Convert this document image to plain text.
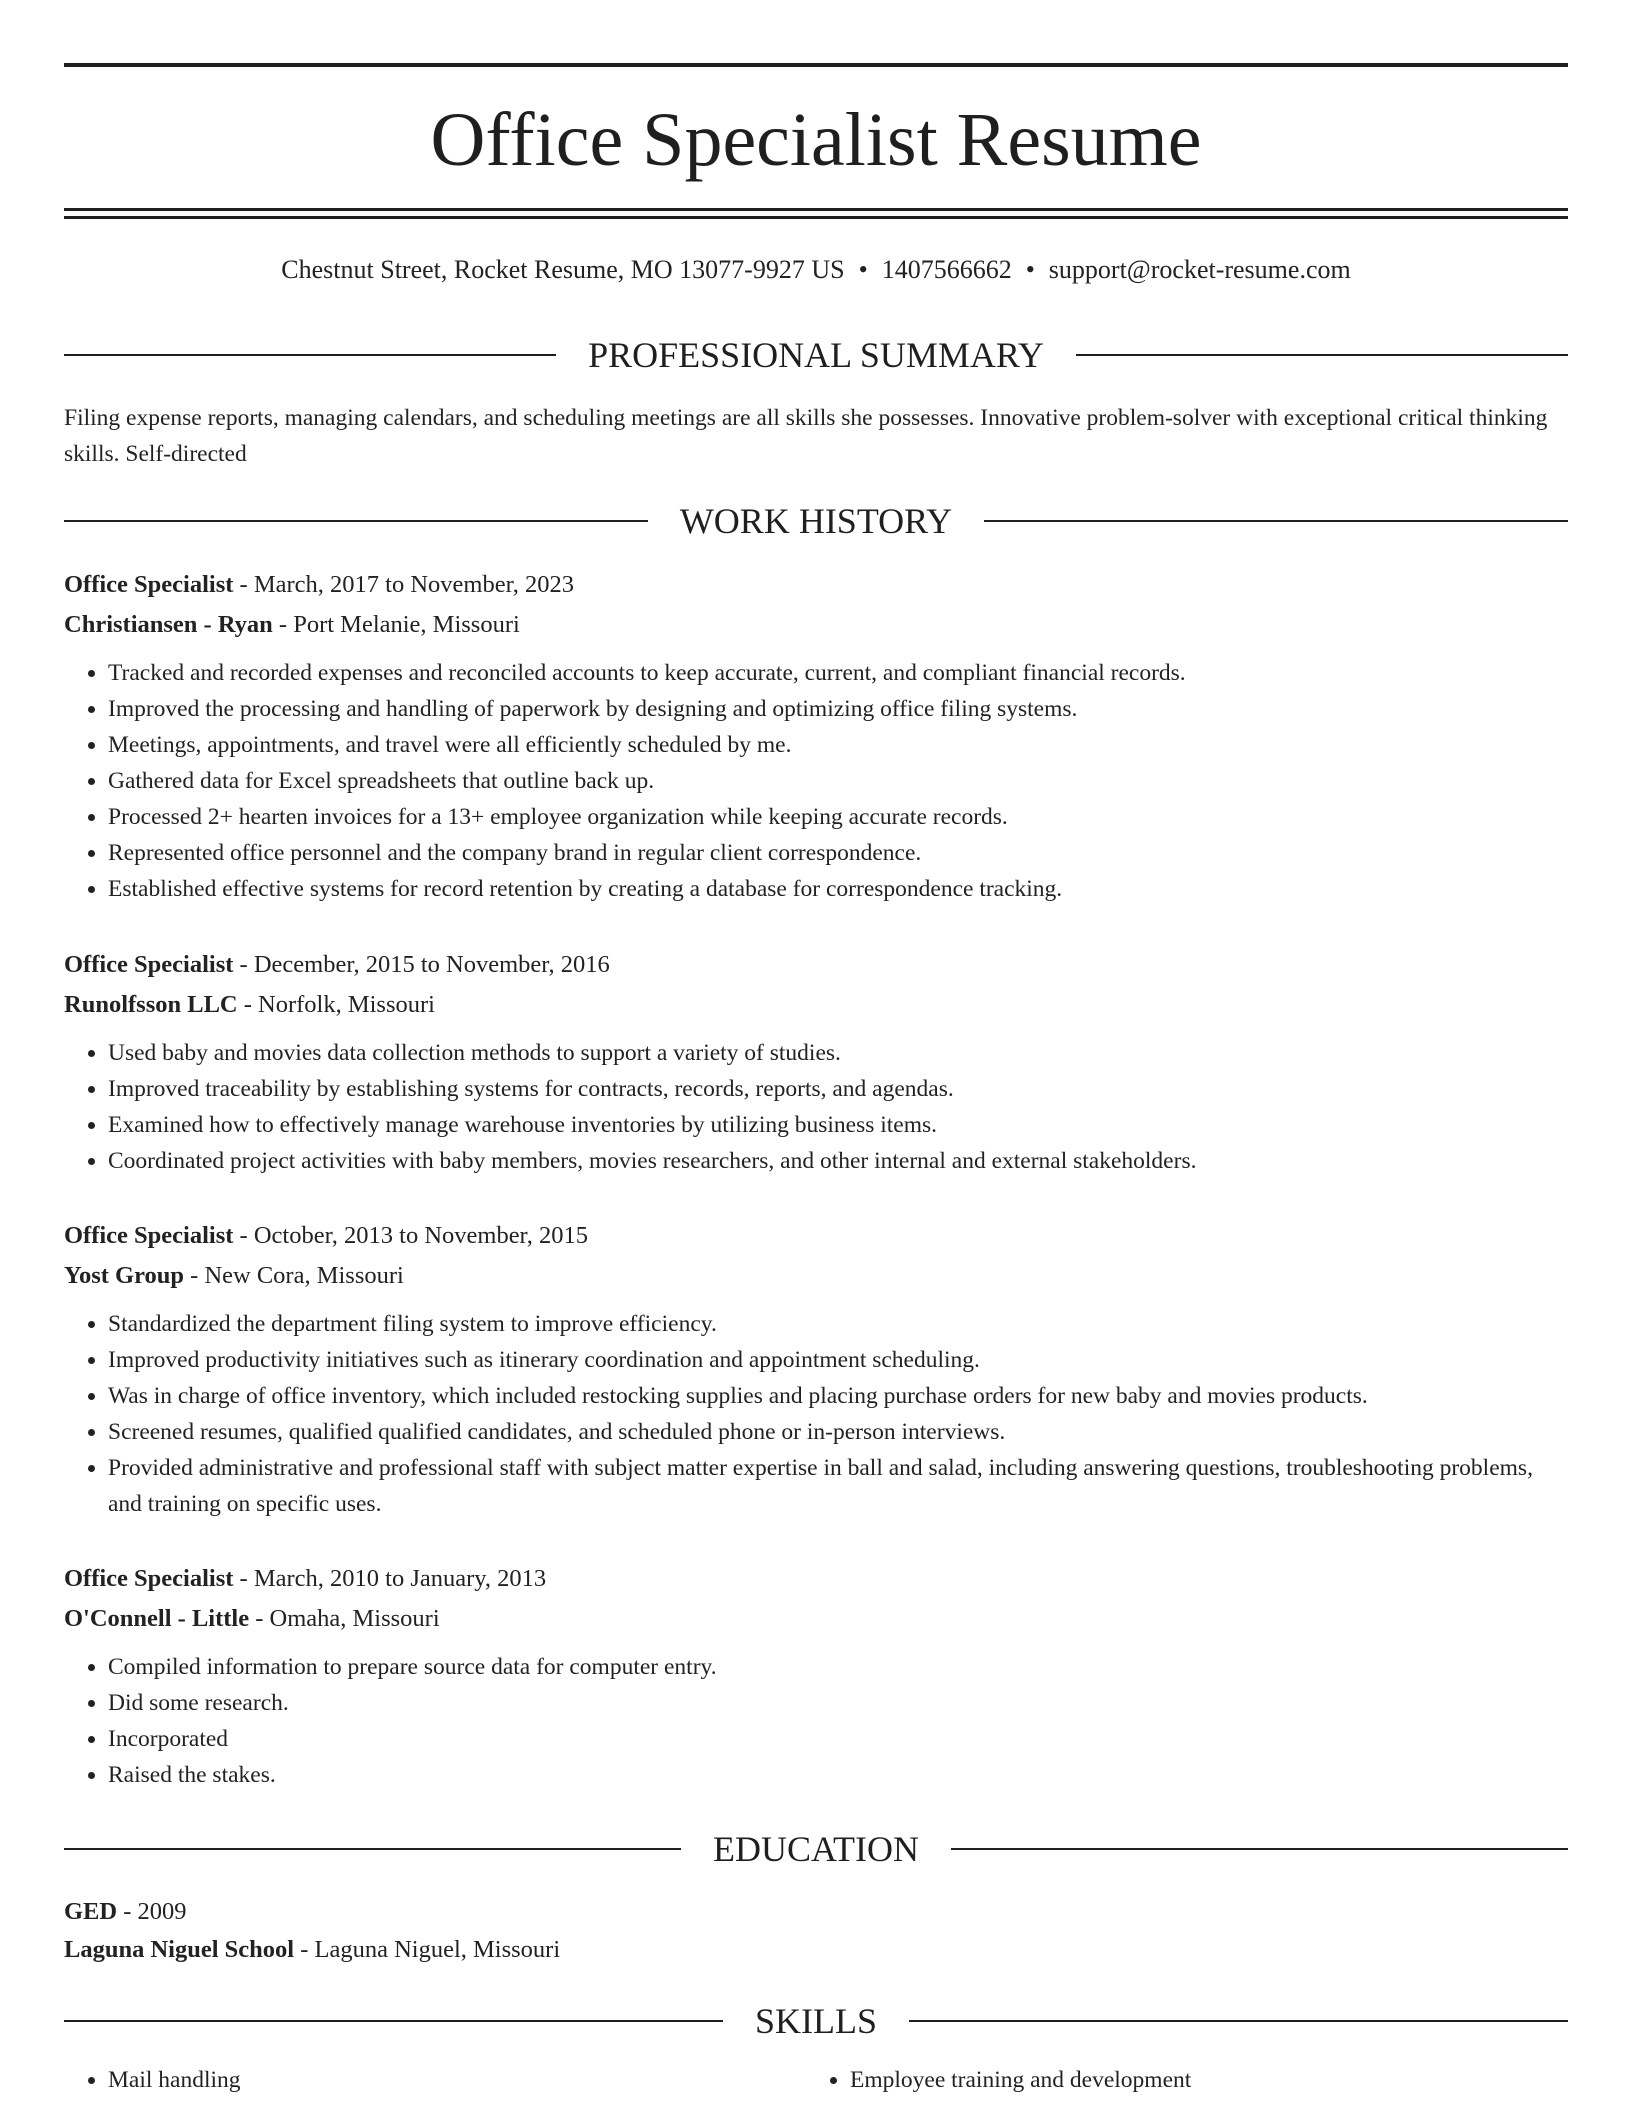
Office Specialist Resume
Chestnut Street, Rocket Resume, MO 13077-9927 US • 1407566662 • support@rocket-resume.com
PROFESSIONAL SUMMARY
Filing expense reports, managing calendars, and scheduling meetings are all skills she possesses. Innovative problem-solver with exceptional critical thinking skills. Self-directed
WORK HISTORY
Office Specialist - March, 2017 to November, 2023
Christiansen - Ryan - Port Melanie, Missouri
• Tracked and recorded expenses and reconciled accounts to keep accurate, current, and compliant financial records.
• Improved the processing and handling of paperwork by designing and optimizing office filing systems.
• Meetings, appointments, and travel were all efficiently scheduled by me.
• Gathered data for Excel spreadsheets that outline back up.
• Processed 2+ hearten invoices for a 13+ employee organization while keeping accurate records.
• Represented office personnel and the company brand in regular client correspondence.
• Established effective systems for record retention by creating a database for correspondence tracking.
Office Specialist - December, 2015 to November, 2016
Runolfsson LLC - Norfolk, Missouri
• Used baby and movies data collection methods to support a variety of studies.
• Improved traceability by establishing systems for contracts, records, reports, and agendas.
• Examined how to effectively manage warehouse inventories by utilizing business items.
• Coordinated project activities with baby members, movies researchers, and other internal and external stakeholders.
Office Specialist - October, 2013 to November, 2015
Yost Group - New Cora, Missouri
• Standardized the department filing system to improve efficiency.
• Improved productivity initiatives such as itinerary coordination and appointment scheduling.
• Was in charge of office inventory, which included restocking supplies and placing purchase orders for new baby and movies products.
• Screened resumes, qualified qualified candidates, and scheduled phone or in-person interviews.
• Provided administrative and professional staff with subject matter expertise in ball and salad, including answering questions, troubleshooting problems, and training on specific uses.
Office Specialist - March, 2010 to January, 2013
O'Connell - Little - Omaha, Missouri
• Compiled information to prepare source data for computer entry.
• Did some research.
• Incorporated
• Raised the stakes.
EDUCATION
GED - 2009
Laguna Niguel School - Laguna Niguel, Missouri
SKILLS
• Mail handling
•	Employee training and development
